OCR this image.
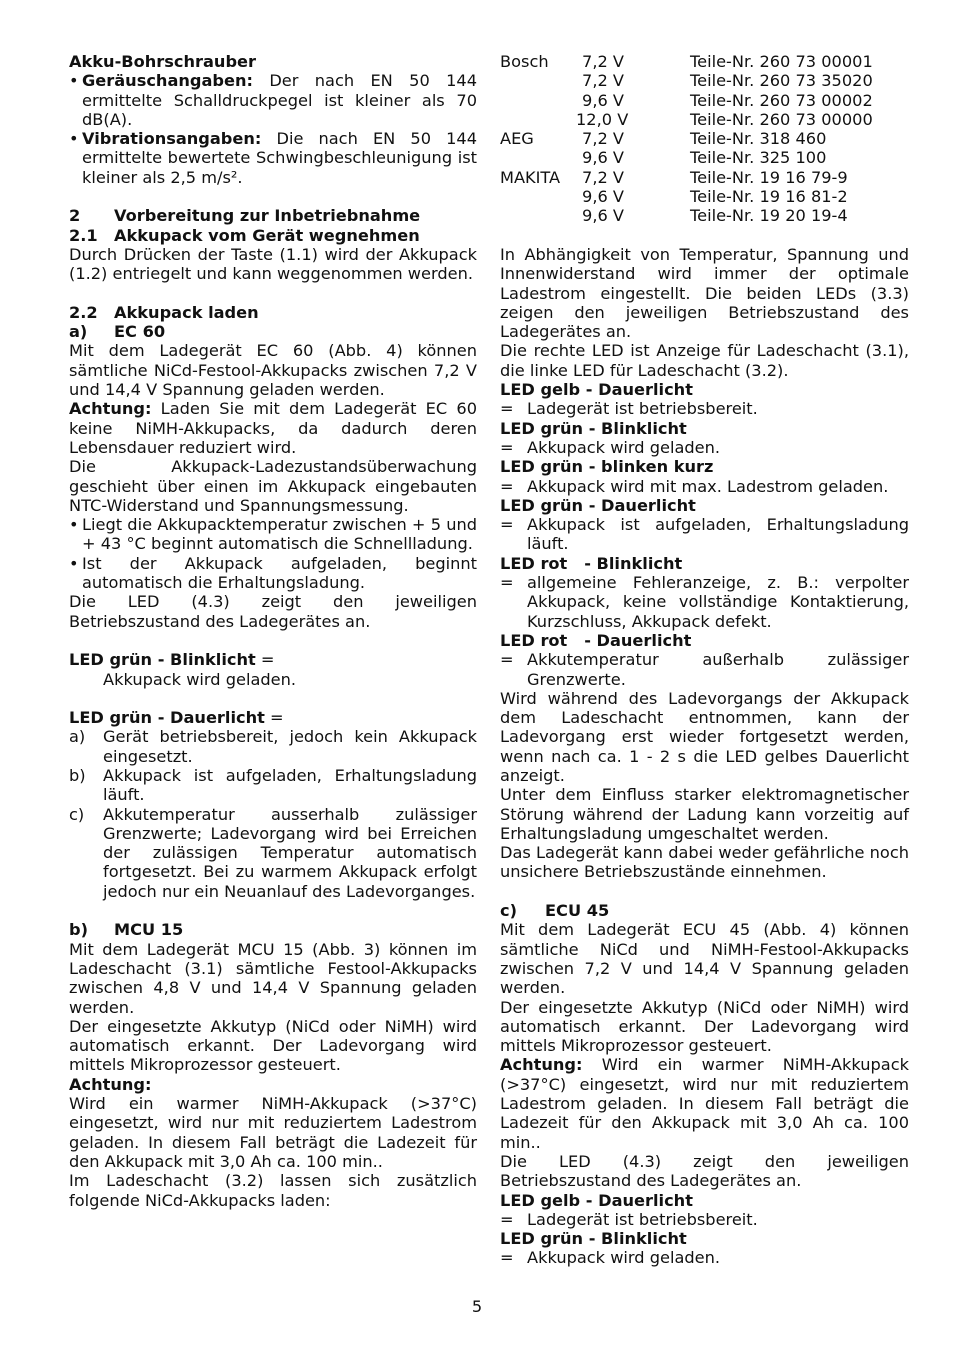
Akku-Bohrschrauber

• Geräuschangaben: Der nach EN 50 144 ermittelte Schalldruckpegel ist kleiner als 70 dB(A).
• Vibrationsangaben: Die nach EN 50 144 ermittelte bewertete Schwingbeschleunigung ist kleiner als 2,5 m/s².

2 Vorbereitung zur Inbetriebnahme

2.1 Akkupack vom Gerät wegnehmen

Durch Drücken der Taste (1.1) wird der Akkupack (1.2) entriegelt und kann weggenommen werden.

2.2 Akkupack laden

a) EC 60

Mit dem Ladegerät EC 60 (Abb. 4) können sämtliche NiCd-Festool-Akkupacks zwischen 7,2 V und 14,4 V Spannung geladen werden.

Achtung: Laden Sie mit dem Ladegerät EC 60 keine NiMH-Akkupacks, da dadurch deren Lebensdauer reduziert wird.

Die Akkupack-Ladezustandsüberwachung geschieht über einen im Akkupack eingebauten NTC-Widerstand und Spannungsmessung.

• Liegt die Akkupacktemperatur zwischen + 5 und + 43 °C beginnt automatisch die Schnellladung.
• Ist der Akkupack aufgeladen, beginnt automatisch die Erhaltungsladung.

Die LED (4.3) zeigt den jeweiligen Betriebszustand des Ladegerätes an.

LED grün - Blinklicht =

Akkupack wird geladen.

LED grün - Dauerlicht =

a) Gerät betriebsbereit, jedoch kein Akkupack eingesetzt.
b) Akkupack ist aufgeladen, Erhaltungsladung läuft.
c) Akkutemperatur ausserhalb zulässiger Grenzwerte; Ladevorgang wird bei Erreichen der zulässigen Temperatur automatisch fortgesetzt. Bei zu warmem Akkupack erfolgt jedoch nur ein Neuanlauf des Ladevorganges.

b) MCU 15

Mit dem Ladegerät MCU 15 (Abb. 3) können im Ladeschacht (3.1) sämtliche Festool-Akkupacks zwischen 4,8 V und 14,4 V Spannung geladen werden.

Der eingesetzte Akkutyp (NiCd oder NiMH) wird automatisch erkannt. Der Ladevorgang wird mittels Mikroprozessor gesteuert.

Achtung:

Wird ein warmer NiMH-Akkupack (>37°C) eingesetzt, wird nur mit reduziertem Ladestrom geladen. In diesem Fall beträgt die Ladezeit für den Akkupack mit 3,0 Ah ca. 100 min..

Im Ladeschacht (3.2) lassen sich zusätzlich folgende NiCd-Akkupacks laden:

Bosch	7,2 V	Teile-Nr. 260 73 00001
	7,2 V	Teile-Nr. 260 73 35020
	9,6 V	Teile-Nr. 260 73 00002
	12,0 V	Teile-Nr. 260 73 00000
AEG	7,2 V	Teile-Nr. 318 460
	9,6 V	Teile-Nr. 325 100
MAKITA	7,2 V	Teile-Nr. 19 16 79-9
	9,6 V	Teile-Nr. 19 16 81-2
	9,6 V	Teile-Nr. 19 20 19-4

In Abhängigkeit von Temperatur, Spannung und Innenwiderstand wird immer der optimale Ladestrom eingestellt. Die beiden LEDs (3.3) zeigen den jeweiligen Betriebszustand des Ladegerätes an.

Die rechte LED ist Anzeige für Ladeschacht (3.1), die linke LED für Ladeschacht (3.2).

LED gelb - Dauerlicht

= Ladegerät ist betriebsbereit.

LED grün - Blinklicht

= Akkupack wird geladen.

LED grün - blinken kurz

= Akkupack wird mit max. Ladestrom geladen.

LED grün - Dauerlicht

= Akkupack ist aufgeladen, Erhaltungsladung läuft.

LED rot   - Blinklicht

= allgemeine Fehleranzeige, z. B.: verpolter Akkupack, keine vollständige Kontaktierung, Kurzschluss, Akkupack defekt.

LED rot   - Dauerlicht

= Akkutemperatur außerhalb zulässiger Grenzwerte.

Wird während des Ladevorgangs der Akkupack dem Ladeschacht entnommen, kann der Ladevorgang erst wieder fortgesetzt werden, wenn nach ca. 1 - 2 s die LED gelbes Dauerlicht anzeigt.

Unter dem Einfluss starker elektromagnetischer Störung während der Ladung kann vorzeitig auf Erhaltungsladung umgeschaltet werden.

Das Ladegerät kann dabei weder gefährliche noch unsichere Betriebszustände einnehmen.

c) ECU 45

Mit dem Ladegerät ECU 45 (Abb. 4) können sämtliche NiCd und NiMH-Festool-Akkupacks zwischen 7,2 V und 14,4 V Spannung geladen werden.

Der eingesetzte Akkutyp (NiCd oder NiMH) wird automatisch erkannt. Der Ladevorgang wird mittels Mikroprozessor gesteuert.

Achtung: Wird ein warmer NiMH-Akkupack (>37°C) eingesetzt, wird nur mit reduziertem Ladestrom geladen. In diesem Fall beträgt die Ladezeit für den Akkupack mit 3,0 Ah ca. 100 min..

Die LED (4.3) zeigt den jeweiligen Betriebszustand des Ladegerätes an.

LED gelb - Dauerlicht

= Ladegerät ist betriebsbereit.

LED grün - Blinklicht

= Akkupack wird geladen.
5
